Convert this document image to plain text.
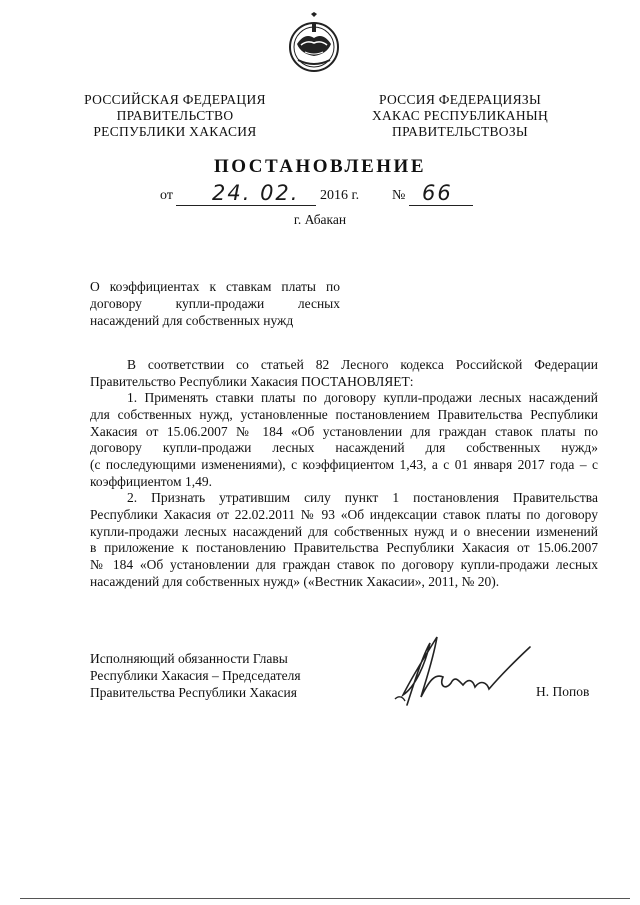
РОССИЙСКАЯ ФЕДЕРАЦИЯ
ПРАВИТЕЛЬСТВО
РЕСПУБЛИКИ ХАКАСИЯ
РОССИЯ ФЕДЕРАЦИЯЗЫ
ХАКАС РЕСПУБЛИКАНЫҢ
ПРАВИТЕЛЬСТВОЗЫ
ПОСТАНОВЛЕНИЕ
от 24. 02. 2016 г. № 66
г. Абакан
О коэффициентах к ставкам платы по
договору купли-продажи лесных
насаждений для собственных нужд
В соответствии со статьей 82 Лесного кодекса Российской Федерации
Правительство Республики Хакасия ПОСТАНОВЛЯЕТ:
1. Применять ставки платы по договору купли-продажи лесных насаждений
для собственных нужд, установленные постановлением Правительства Республики
Хакасия от 15.06.2007 № 184 «Об установлении для граждан ставок платы по
договору купли-продажи лесных насаждений для собственных нужд»
(с последующими изменениями), с коэффициентом 1,43, а с 01 января 2017 года – с
коэффициентом 1,49.
2. Признать утратившим силу пункт 1 постановления Правительства
Республики Хакасия от 22.02.2011 № 93 «Об индексации ставок платы по договору
купли-продажи лесных насаждений для собственных нужд и о внесении изменений
в приложение к постановлению Правительства Республики Хакасия от 15.06.2007
№ 184 «Об установлении для граждан ставок по договору купли-продажи лесных
насаждений для собственных нужд» («Вестник Хакасии», 2011, № 20).
Исполняющий обязанности Главы
Республики Хакасия – Председателя
Правительства Республики Хакасия	Н. Попов
